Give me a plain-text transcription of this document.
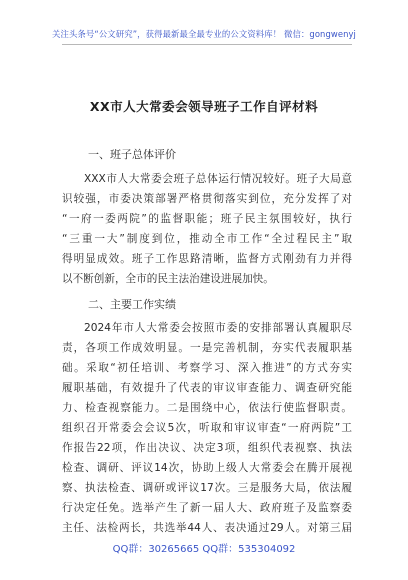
关注头条号“公文研究”，获得最新最全最专业的公文资料库！ 微信：gongwenyj
XX市人大常委会领导班子工作自评材料
一、班子总体评价
XXX市人大常委会班子总体运行情况较好。班子大局意
识较强，市委决策部署严格贯彻落实到位，充分发挥了对
“一府一委两院”的监督职能；班子民主氛围较好，执行
“三重一大”制度到位，推动全市工作“全过程民主”取
得明显成效。班子工作思路清晰，监督方式刚劲有力并得
以不断创新，全市的民主法治建设进展加快。
二、主要工作实绩
2024年市人大常委会按照市委的安排部署认真履职尽
责，各项工作成效明显。一是完善机制，夯实代表履职基
础。采取“初任培训、考察学习、深入推进”的方式夯实
履职基础，有效提升了代表的审议审查能力、调查研究能
力、检查视察能力。二是围绕中心，依法行使监督职责。
组织召开常委会会议5次，听取和审议审查“一府两院”工
作报告22项，作出决议、决定3项，组织代表视察、执法
检查、调研、评议14次，协助上级人大常委会在腾开展视
察、执法检查、调研或评议17次。三是服务大局，依法履
行决定任免。选举产生了新一届人大、政府班子及监察委
主任、法检两长，共选举44人、表决通过29人。对第三届
QQ群：30265665 QQ群：535304092
